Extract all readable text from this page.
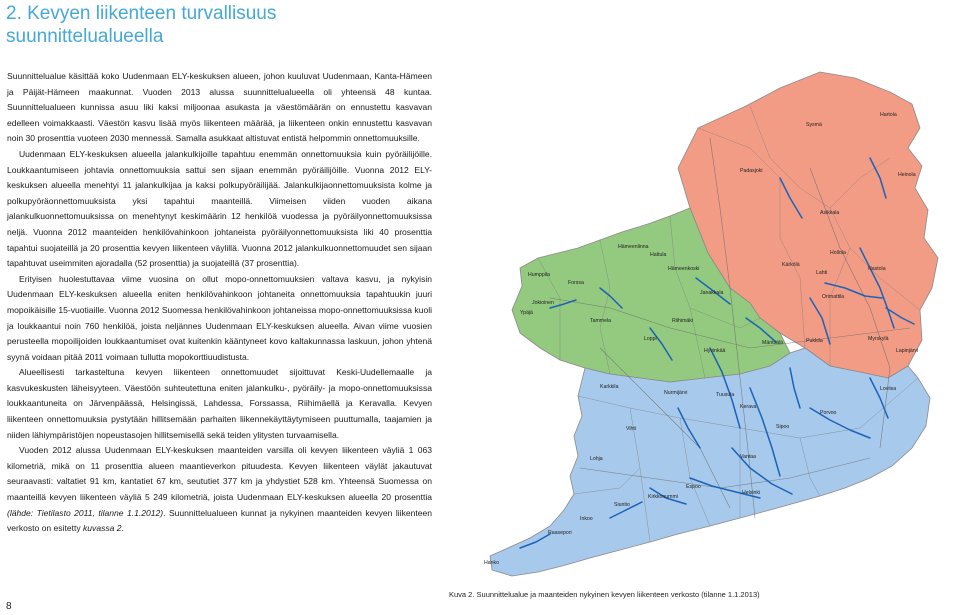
2. Kevyen liikenteen turvallisuus
suunnittelualueella

Suunnittelualue käsittää koko Uudenmaan ELY-keskuksen alueen, johon kuuluvat Uudenmaan, Kanta-Hämeen ja Päijät-Hämeen maakunnat. Vuoden 2013 alussa suunnittelualueella oli yhteensä 48 kuntaa. Suunnittelualueen kunnissa asuu liki kaksi miljoonaa asukasta ja väestömäärän on ennustettu kasvavan edelleen voimakkaasti. Väestön kasvu lisää myös liikenteen määrää, ja liikenteen onkin ennustettu kasvavan noin 30 prosenttia vuoteen 2030 mennessä. Samalla asukkaat altistuvat entistä helpommin onnettomuuksille.

Uudenmaan ELY-keskuksen alueella jalankulkijoille tapahtuu enemmän onnettomuuksia kuin pyöräilijöille. Loukkaantumiseen johtavia onnettomuuksia sattui sen sijaan enemmän pyöräilijöille. Vuonna 2012 ELY-keskuksen alueella menehtyi 11 jalankulkijaa ja kaksi polkupyöräilijää. Jalankulkijaonnettomuuksista kolme ja polkupyöräonnettomuuksista yksi tapahtui maanteillä. Viimeisen viiden vuoden aikana jalankulkuonnettomuuksissa on menehtynyt keskimäärin 12 henkilöä vuodessa ja pyöräilyonnettomuuksissa neljä. Vuonna 2012 maanteiden henkilövahinkoon johtaneista pyöräilyonnettomuuksista liki 40 prosenttia tapahtui suojateillä ja 20 prosenttia kevyen liikenteen väylillä. Vuonna 2012 jalankulkuonnettomuudet sen sijaan tapahtuvat useimmiten ajoradalla (52 prosenttia) ja suojateillä (37 prosenttia).

Erityisen huolestuttavaa viime vuosina on ollut mopo-onnettomuuksien valtava kasvu, ja nykyisin Uudenmaan ELY-keskuksen alueella eniten henkilövahinkoon johtaneita onnettomuuksia tapahtuukin juuri mopoikäisille 15-vuotiaille. Vuonna 2012 Suomessa henkilövahinkoon johtaneissa mopo-onnettomuuksissa kuoli ja loukkaantui noin 760 henkilöä, joista neljännes Uudenmaan ELY-keskuksen alueella. Aivan viime vuosien perusteella mopoilijoiden loukkaantumiset ovat kuitenkin kääntyneet kovo kaltakunnassa laskuun, johon yhtenä syynä voidaan pitää 2011 voimaan tullutta mopokorttiuudistusta.

Alueellisesti tarkasteltuna kevyen liikenteen onnettomuudet sijoittuvat Keski-Uudellemaalle ja kasvukeskusten läheisyyteen. Väestöön suhteutettuna eniten jalankulku-, pyöräily- ja mopo-onnettomuuksissa loukkaantuneita on Järvenpäässä, Helsingissä, Lahdessa, Forssassa, Riihimäellä ja Keravalla. Kevyen liikenteen onnettomuuksia pystytään hillitsemään parhaiten liikennekäyttäytymiseen puuttumalla, taajamien ja niiden lähiympäristöjen nopeustasojen hillitsemisellä sekä teiden ylitysten turvaamisella.

Vuoden 2012 alussa Uudenmaan ELY-keskuksen maanteiden varsilla oli kevyen liikenteen väyliä 1 063 kilometriä, mikä on 11 prosenttia alueen maantieverkon pituudesta. Kevyen liikenteen väylät jakautuvat seuraavasti: valtatiet 91 km, kantatiet 67 km, seututiet 377 km ja yhdystiet 528 km. Yhteensä Suomessa on maanteillä kevyen liikenteen väyliä 5 249 kilometriä, joista Uudenmaan ELY-keskuksen alueella 20 prosenttia (lähde: Tietilasto 2011, tilanne 1.1.2012). Suunnittelualueen kunnat ja nykyinen maanteiden kevyen liikenteen verkosto on esitetty kuvassa 2.

8
Sysmä
Hartola
Padasjoki
Heinola
Asikkala
Hämeenlinna
Hattula
Hämeenkoski
Kärkölä
Hollola
Lahti
Nastola
Orimattila
Humppila
Forssa
Janakkala
Jokioinen
Ypäjä
Tammela	Riihimäki
Loppi
Hyvinkää
Mäntsälä	Pukkila	Myrskylä
Lapinjärvi
Loviisa
Porvoo
Sipoo
Kerava
Tuusula
Nurmijärvi
Vihti
Karkkila
Lohja
Espoo
Helsinki
Vantaa
Kirkkonummi
Siuntio
Inkoo
Raasepori
Hanko
Kuva 2. Suunnittelualue ja maanteiden nykyinen kevyen liikenteen verkosto (tilanne 1.1.2013)
